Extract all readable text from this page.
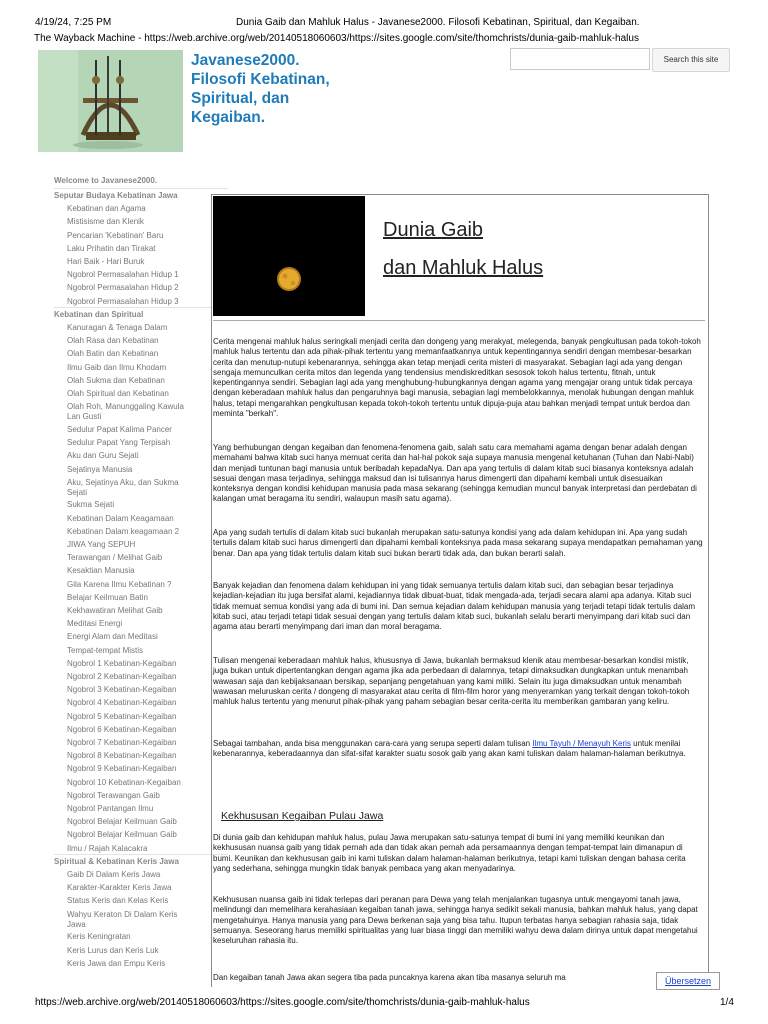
4/19/24, 7:25 PM	Dunia Gaib dan Mahluk Halus - Javanese2000. Filosofi Kebatinan, Spiritual, dan Kegaiban.
The Wayback Machine - https://web.archive.org/web/20140518060603/https://sites.google.com/site/thomchrists/dunia-gaib-mahluk-halus
Javanese2000.
Filosofi Kebatinan,
Spiritual, dan
Kegaiban.
Search this site
Welcome to Javanese2000.
Seputar Budaya Kebatinan Jawa
Kebatinan dan Agama
Mistisisme dan Klenik
Pencarian 'Kebatinan' Baru
Laku Prihatin dan Tirakat
Hari Baik - Hari Buruk
Ngobrol Permasalahan Hidup 1
Ngobrol Permasalahan Hidup 2
Ngobrol Permasalahan Hidup 3
Kebatinan dan Spiritual
Kanuragan & Tenaga Dalam
Olah Rasa dan Kebatinan
Olah Batin dan Kebatinan
Ilmu Gaib dan Ilmu Khodam
Olah Sukma dan Kebatinan
Olah Spiritual dan Kebatinan
Olah Roh, Manunggaling Kawula
Lan Gusti
Sedulur Papat Kalima Pancer
Sedulur Papat Yang Terpisah
Aku dan Guru Sejati
Sejatinya Manusia
Aku, Sejatinya Aku, dan Sukma
Sejati
Sukma Sejati
Kebatinan Dalam Keagamaan
Kebatinan Dalam keagamaan 2
JIWA Yang SEPUH
Terawangan / Melihat Gaib
Kesaktian Manusia
Gila Karena Ilmu Kebatinan ?
Belajar Keilmuan Batin
Kekhawatiran Melihat Gaib
Meditasi Energi
Energi Alam dan Meditasi
Tempat-tempat Mistis
Ngobrol 1 Kebatinan-Kegaiban
Ngobrol 2 Kebatinan-Kegaiban
Ngobrol 3 Kebatinan-Kegaiban
Ngobrol 4 Kebatinan-Kegaiban
Ngobrol 5 Kebatinan-Kegaiban
Ngobrol 6 Kebatinan-Kegaiban
Ngobrol 7 Kebatinan-Kegaiban
Ngobrol 8 Kebatinan-Kegaiban
Ngobrol 9 Kebatinan-Kegaiban
Ngobrol 10 Kebatinan-Kegaiban
Ngobrol Terawangan Gaib
Ngobrol Pantangan Ilmu
Ngobrol Belajar Keilmuan Gaib
Ngobrol Belajar Keilmuan Gaib
Ilmu / Rajah Kalacakra
Spiritual & Kebatinan Keris Jawa
Gaib Di Dalam Keris Jawa
Karakter-Karakter Keris Jawa
Status Keris dan Kelas Keris
Wahyu Keraton Di Dalam Keris
Jawa
Keris Keningratan
Keris Lurus dan Keris Luk
Keris Jawa dan Empu Keris
Dunia Gaib
dan Mahluk Halus

Cerita mengenai mahluk halus seringkali menjadi cerita dan dongeng yang merakyat, melegenda, banyak pengkultusan pada tokoh-tokoh mahluk halus tertentu dan ada pihak-pihak tertentu yang memanfaatkannya untuk kepentingannya sendiri dengan membesar-besarkan cerita dan menutup-nutupi kebenarannya, sehingga akan tetap menjadi cerita misteri di masyarakat. Sebagian lagi ada yang dengan sengaja memunculkan cerita mitos dan legenda yang tendensius mendiskreditkan sesosok tokoh halus tertentu, fitnah, untuk kepentingannya sendiri. Sebagian lagi ada yang menghubung-hubungkannya dengan agama yang mengajar orang untuk tidak percaya dengan keberadaan mahluk halus dan pengaruhnya bagi manusia, sebagian lagi membelokkannya, menolak hubungan dengan mahluk halus, tetapi mengarahkan pengkultusan kepada tokoh-tokoh tertentu untuk dipuja-puja atau bahkan menjadi tempat untuk berdoa dan meminta "berkah".

Yang berhubungan dengan kegaiban dan fenomena-fenomena gaib, salah satu cara memahami agama dengan benar adalah dengan memahami bahwa kitab suci hanya memuat cerita dan hal-hal pokok saja supaya manusia mengenal ketuhanan (Tuhan dan Nabi-Nabi) dan menjadi tuntunan bagi manusia untuk beribadah kepadaNya. Dan apa yang tertulis di dalam kitab suci biasanya konteksnya adalah sesuai dengan masa terjadinya, sehingga maksud dan isi tulisannya harus dimengerti dan dipahami kembali untuk disesuaikan konteksnya dengan kondisi kehidupan manusia pada masa sekarang (sehingga kemudian muncul banyak interpretasi dan perdebatan di kalangan umat beragama itu sendiri, walaupun masih satu agama).

Apa yang sudah tertulis di dalam kitab suci bukanlah merupakan satu-satunya kondisi yang ada dalam kehidupan ini. Apa yang sudah tertulis dalam kitab suci harus dimengerti dan dipahami kembali konteksnya pada masa sekarang supaya mendapatkan pemahaman yang benar. Dan apa yang tidak tertulis dalam kitab suci bukan berarti tidak ada, dan bukan berarti salah.

Banyak kejadian dan fenomena dalam kehidupan ini yang tidak semuanya tertulis dalam kitab suci, dan sebagian besar terjadinya kejadian-kejadian itu juga bersifat alami, kejadiannya tidak dibuat-buat, tidak mengada-ada, terjadi secara alami apa adanya. Kitab suci tidak memuat semua kondisi yang ada di bumi ini. Dan semua kejadian dalam kehidupan manusia yang terjadi tetapi tidak tertulis dalam kitab suci, atau terjadi tetapi tidak sesuai dengan yang tertulis dalam kitab suci, bukanlah selalu berarti menyimpang dari kitab suci dan agama atau berarti menyimpang dari iman dan moral beragama.

Tulisan mengenai keberadaan mahluk halus, khususnya di Jawa, bukanlah bermaksud klenik atau membesar-besarkan kondisi mistik, juga bukan untuk dipertentangkan dengan agama jika ada perbedaan di dalamnya, tetapi dimaksudkan dungkapkan untuk menambah wawasan saja dan kebijaksanaan bersikap, sepanjang pengetahuan yang kami miliki. Selain itu juga dimaksudkan untuk menambah wawasan meluruskan cerita / dongeng di masyarakat atau cerita di film-film horor yang menyeramkan yang terkait dengan tokoh-tokoh mahluk halus tertentu yang menurut pihak-pihak yang paham sebagian besar cerita-cerita itu memberikan gambaran yang keliru.

Sebagai tambahan, anda bisa menggunakan cara-cara yang serupa seperti dalam tulisan Ilmu Tayuh / Menayuh Keris untuk menilai kebenarannya, keberadaannya dan sifat-sifat karakter suatu sosok gaib yang akan kami tuliskan dalam halaman-halaman berikutnya.

Kekhususan Kegaiban Pulau Jawa

Di dunia gaib dan kehidupan mahluk halus, pulau Jawa merupakan satu-satunya tempat di bumi ini yang memiliki keunikan dan kekhususan nuansa gaib yang tidak pernah ada dan tidak akan pernah ada persamaannya dengan tempat-tempat lain dimanapun di bumi. Keunikan dan kekhususan gaib ini kami tuliskan dalam halaman-halaman berikutnya, tetapi kami tuliskan dengan bahasa cerita yang sederhana, sehingga mungkin tidak banyak pembaca yang akan menyadarinya.

Kekhususan nuansa gaib ini tidak terlepas dari peranan para Dewa yang telah menjalankan tugasnya untuk mengayomi tanah jawa, melindungi dan memelihara kerahasiaan kegaiban tanah jawa, sehingga hanya sedikit sekali manusia, bahkan mahluk halus, yang dapat mengetahuinya. Hanya manusia yang para Dewa berkenan saja yang bisa tahu. Itupun terbatas hanya sebagian rahasia saja, tidak semuanya. Seseorang harus memiliki spiritualitas yang luar biasa tinggi dan memiliki wahyu dewa dalam dirinya untuk dapat mengetahui keseluruhan rahasia itu.

Dan kegaiban tanah Jawa akan segera tiba pada puncaknya karena akan tiba masanya seluruh ma	Übersetzen
https://web.archive.org/web/20140518060603/https://sites.google.com/site/thomchrists/dunia-gaib-mahluk-halus	1/4
